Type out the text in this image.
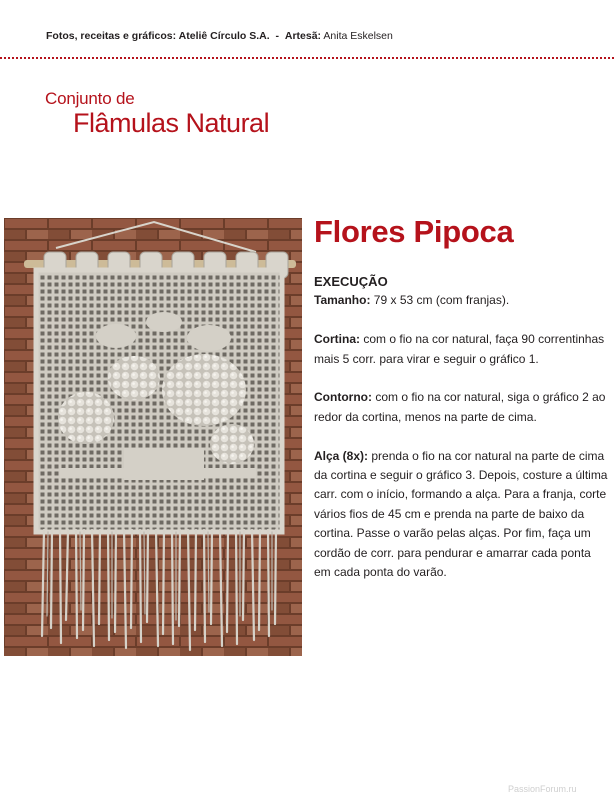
Fotos, receitas e gráficos: Ateliê Círculo S.A. - Artesã: Anita Eskelsen
Conjunto de
Flâmulas Natural
Flores Pipoca

EXECUÇÃO

Tamanho: 79 x 53 cm (com franjas).

Cortina: com o fio na cor natural, faça 90 correntinhas mais 5 corr. para virar e seguir o gráfico 1.

Contorno: com o fio na cor natural, siga o gráfico 2 ao redor da cortina, menos na parte de cima.

Alça (8x): prenda o fio na cor natural na parte de cima da cortina e seguir o gráfico 3. Depois, costure a última carr. com o início, formando a alça. Para a franja, corte vários fios de 45 cm e prenda na parte de baixo da cortina. Passe o varão pelas alças. Por fim, faça um cordão de corr. para pendurar e amarrar cada ponta em cada ponta do varão.

PassionForum.ru
